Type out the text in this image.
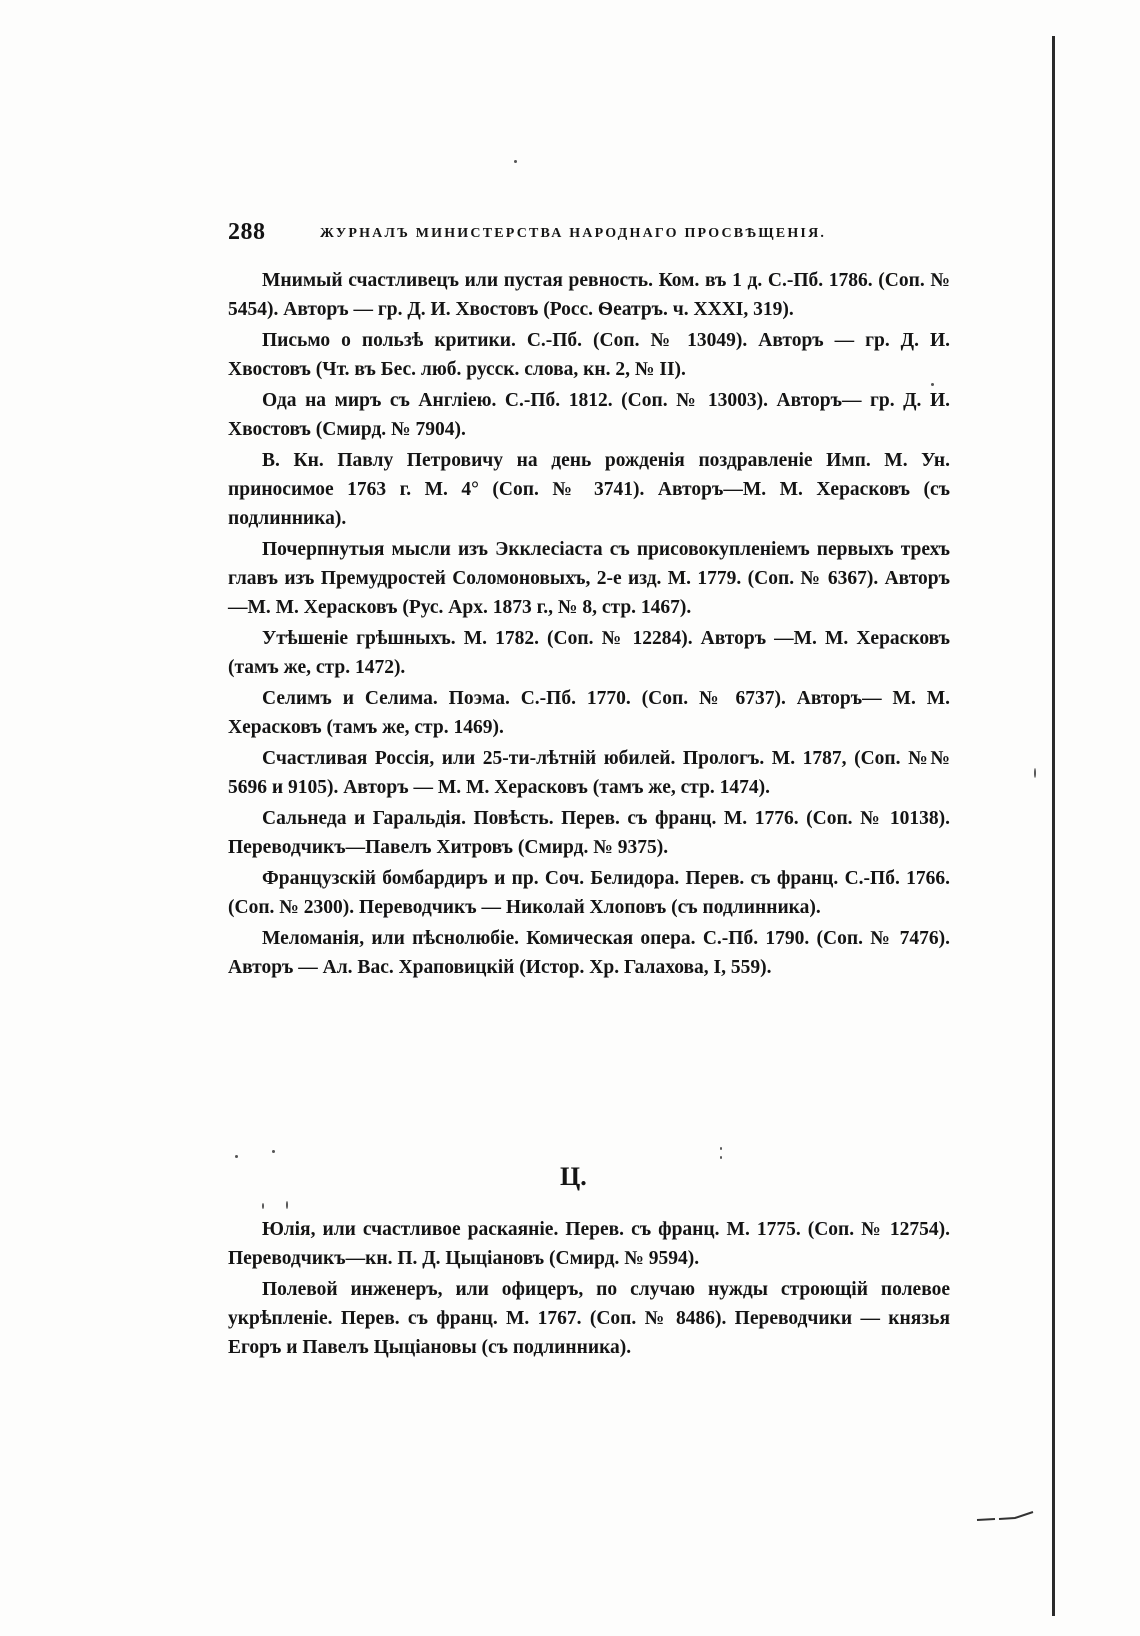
288	ЖУРНАЛЪ МИНИСТЕРСТВА НАРОДНАГО ПРОСВѢЩЕНІЯ.

Мнимый счастливецъ или пустая ревность. Ком. въ 1 д. С.-Пб. 1786. (Соп. № 5454). Авторъ — гр. Д. И. Хвостовъ (Росс. Ѳеатръ. ч. XXXI, 319).

Письмо о пользѣ критики. С.-Пб. (Соп. № 13049). Авторъ — гр. Д. И. Хвостовъ (Чт. въ Бес. люб. русск. слова, кн. 2, № II).

Ода на миръ съ Англіею. С.-Пб. 1812. (Соп. № 13003). Авторъ— гр. Д. И. Хвостовъ (Смирд. № 7904).

В. Кн. Павлу Петровичу на день рожденія поздравленіе Имп. М. Ун. приносимое 1763 г. М. 4° (Соп. № 3741). Авторъ—М. М. Херасковъ (съ подлинника).

Почерпнутыя мысли изъ Экклесіаста съ присовокупленіемъ первыхъ трехъ главъ изъ Премудростей Соломоновыхъ, 2-е изд. М. 1779. (Соп. № 6367). Авторъ—М. М. Херасковъ (Рус. Арх. 1873 г., № 8, стр. 1467).

Утѣшеніе грѣшныхъ. М. 1782. (Соп. № 12284). Авторъ —М. М. Херасковъ (тамъ же, стр. 1472).

Селимъ и Селима. Поэма. С.-Пб. 1770. (Соп. № 6737). Авторъ— М. М. Херасковъ (тамъ же, стр. 1469).

Счастливая Россія, или 25-ти-лѣтній юбилей. Прологъ. М. 1787, (Соп. №№ 5696 и 9105). Авторъ — М. М. Херасковъ (тамъ же, стр. 1474).

Сальнеда и Гаральдія. Повѣсть. Перев. съ франц. М. 1776. (Соп. № 10138). Переводчикъ—Павелъ Хитровъ (Смирд. № 9375).

Французскій бомбардиръ и пр. Соч. Белидора. Перев. съ франц. С.-Пб. 1766. (Соп. № 2300). Переводчикъ — Николай Хлоповъ (съ подлинника).

Меломанія, или пѣснолюбіе. Комическая опера. С.-Пб. 1790. (Соп. № 7476). Авторъ — Ал. Вас. Храповицкій (Истор. Хр. Галахова, I, 559).

Ц.

Юлія, или счастливое раскаяніе. Перев. съ франц. М. 1775. (Соп. № 12754). Переводчикъ—кн. П. Д. Цыціановъ (Смирд. № 9594).

Полевой инженеръ, или офицеръ, по случаю нужды строющій полевое укрѣпленіе. Перев. съ франц. М. 1767. (Соп. № 8486). Переводчики — князья Егоръ и Павелъ Цыціановы (съ подлинника).
